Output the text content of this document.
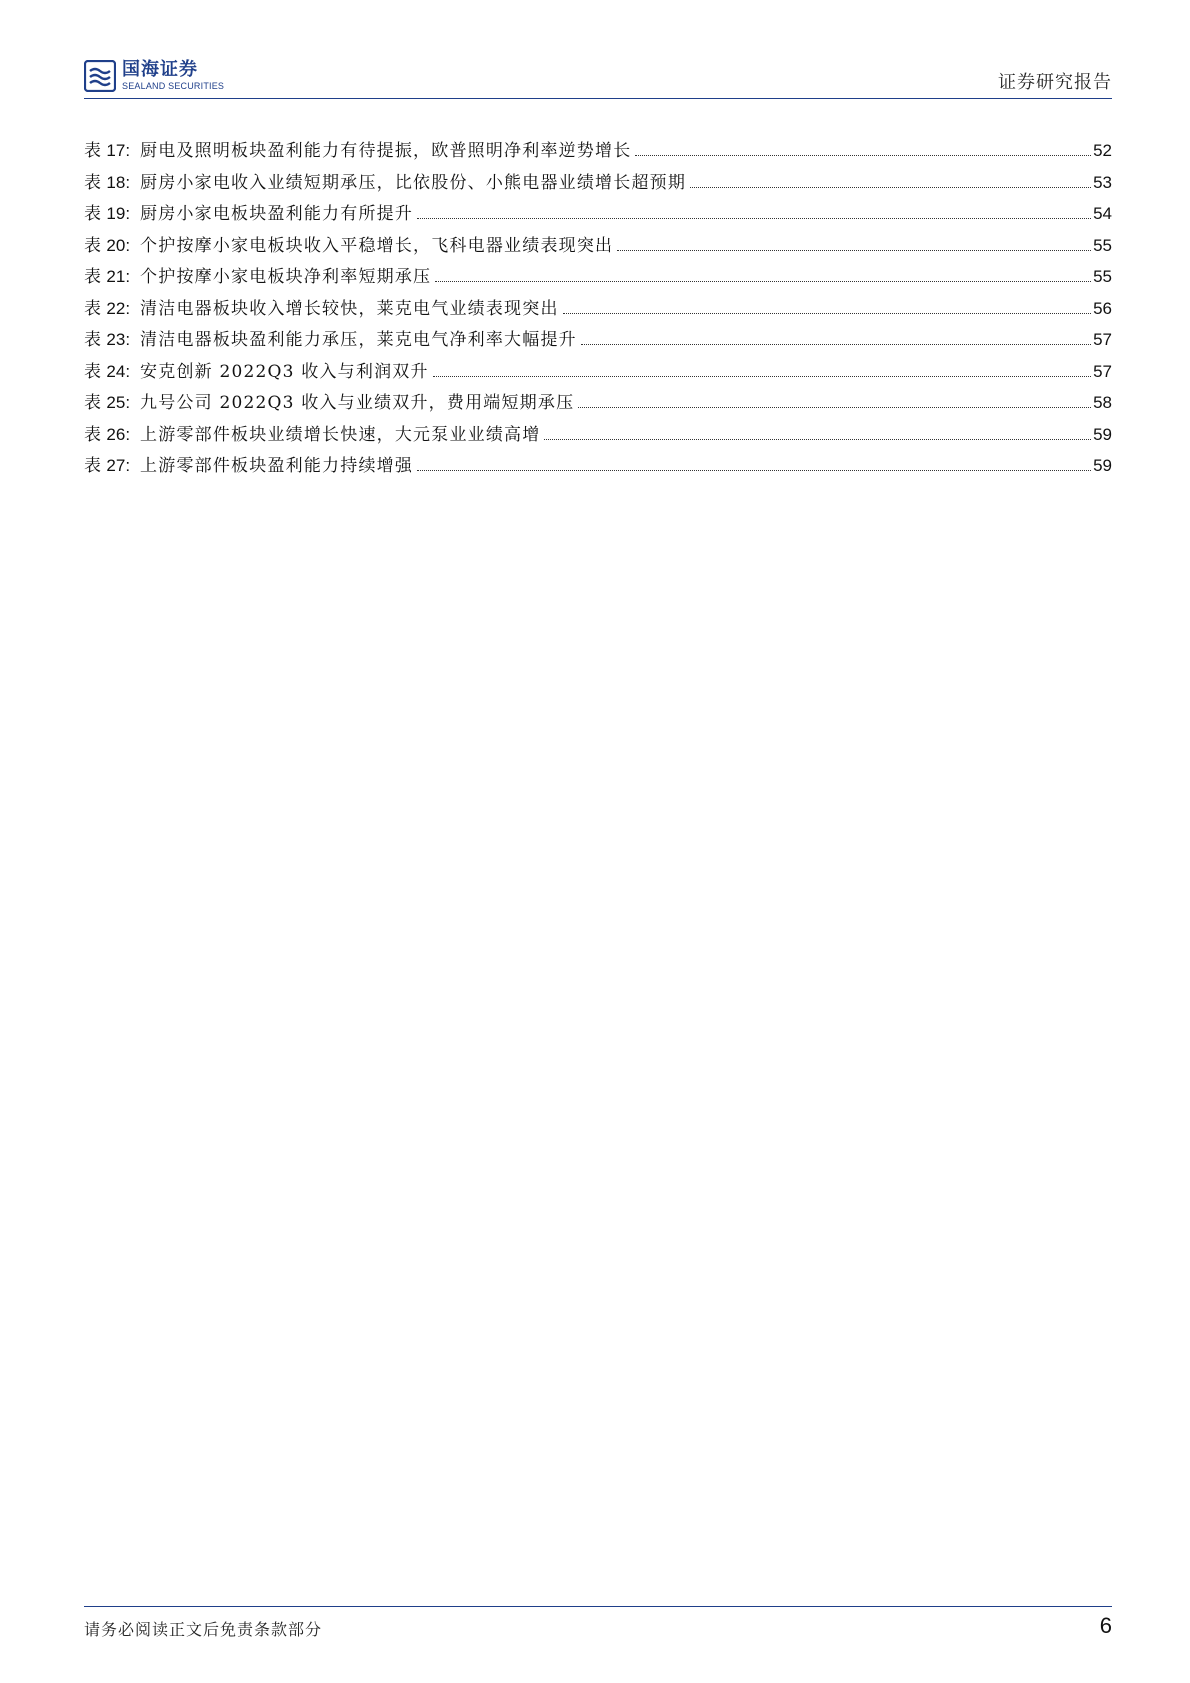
国海证券
SEALAND SECURITIES	证券研究报告
表 17: 厨电及照明板块盈利能力有待提振，欧普照明净利率逆势增长	52
表 18: 厨房小家电收入业绩短期承压，比依股份、小熊电器业绩增长超预期	53
表 19: 厨房小家电板块盈利能力有所提升	54
表 20: 个护按摩小家电板块收入平稳增长，飞科电器业绩表现突出	55
表 21: 个护按摩小家电板块净利率短期承压	55
表 22: 清洁电器板块收入增长较快，莱克电气业绩表现突出	56
表 23: 清洁电器板块盈利能力承压，莱克电气净利率大幅提升	57
表 24: 安克创新 2022Q3 收入与利润双升	57
表 25: 九号公司 2022Q3 收入与业绩双升，费用端短期承压	58
表 26: 上游零部件板块业绩增长快速，大元泵业业绩高增	59
表 27: 上游零部件板块盈利能力持续增强	59
请务必阅读正文后免责条款部分	6
